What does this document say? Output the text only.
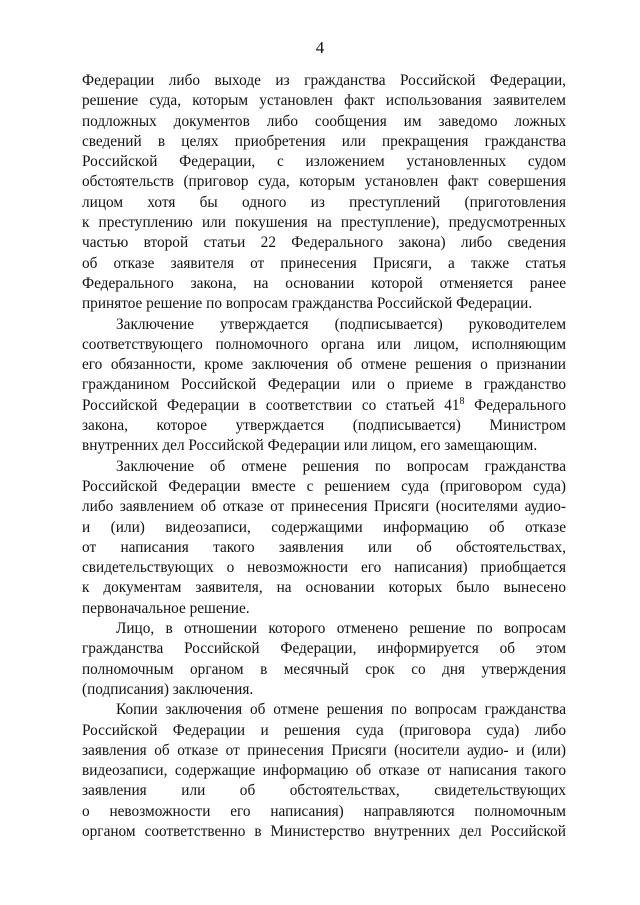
4

Федерации либо выходе из гражданства Российской Федерации,
решение суда, которым установлен факт использования заявителем
подложных документов либо сообщения им заведомо ложных
сведений в целях приобретения или прекращения гражданства
Российской Федерации, с изложением установленных судом
обстоятельств (приговор суда, которым установлен факт совершения
лицом хотя бы одного из преступлений (приготовления
к преступлению или покушения на преступление), предусмотренных
частью второй статьи 22 Федерального закона) либо сведения
об отказе заявителя от принесения Присяги, а также статья
Федерального закона, на основании которой отменяется ранее
принятое решение по вопросам гражданства Российской Федерации.

Заключение утверждается (подписывается) руководителем
соответствующего полномочного органа или лицом, исполняющим
его обязанности, кроме заключения об отмене решения о признании
гражданином Российской Федерации или о приеме в гражданство
Российской Федерации в соответствии со статьей $41^8$ Федерального
закона, которое утверждается (подписывается) Министром
внутренних дел Российской Федерации или лицом, его замещающим.

Заключение об отмене решения по вопросам гражданства
Российской Федерации вместе с решением суда (приговором суда)
либо заявлением об отказе от принесения Присяги (носителями аудио-
и (или) видеозаписи, содержащими информацию об отказе
от написания такого заявления или об обстоятельствах,
свидетельствующих о невозможности его написания) приобщается
к документам заявителя, на основании которых было вынесено
первоначальное решение.

Лицо, в отношении которого отменено решение по вопросам
гражданства Российской Федерации, информируется об этом
полномочным органом в месячный срок со дня утверждения
(подписания) заключения.

Копии заключения об отмене решения по вопросам гражданства
Российской Федерации и решения суда (приговора суда) либо
заявления об отказе от принесения Присяги (носители аудио- и (или)
видеозаписи, содержащие информацию об отказе от написания такого
заявления или об обстоятельствах, свидетельствующих
о невозможности его написания) направляются полномочным
органом соответственно в Министерство внутренних дел Российской
